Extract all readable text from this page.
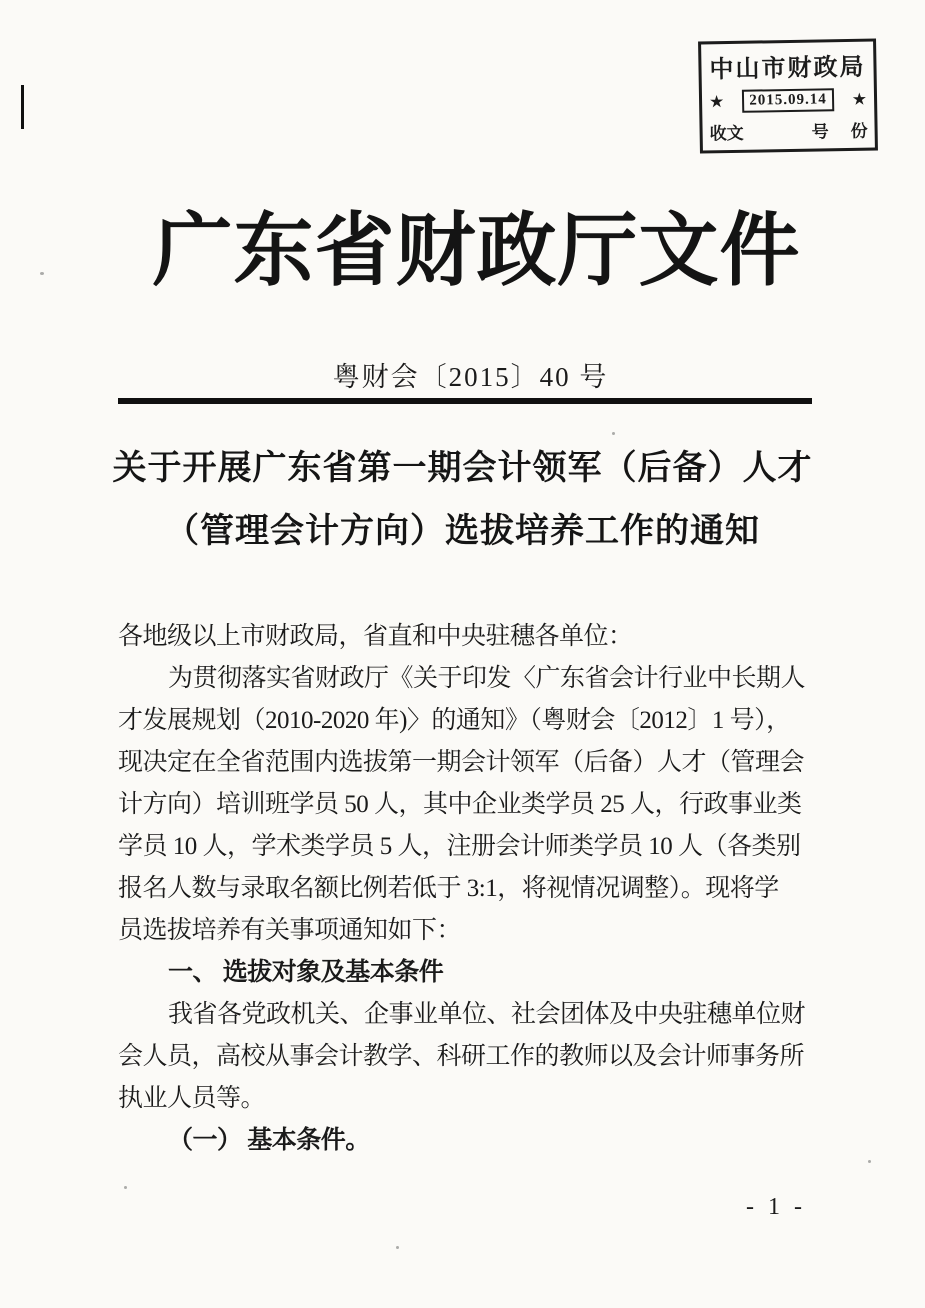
中山市财政局
★	2015.09.14	★
收文	号 份
广东省财政厅文件
粤财会〔2015〕40 号
关于开展广东省第一期会计领军（后备）人才
（管理会计方向）选拔培养工作的通知
各地级以上市财政局，省直和中央驻穗各单位：
为贯彻落实省财政厅《关于印发〈广东省会计行业中长期人
才发展规划（2010-2020 年)〉的通知》（粤财会〔2012〕1 号），
现决定在全省范围内选拔第一期会计领军（后备）人才（管理会
计方向）培训班学员 50 人，其中企业类学员 25 人，行政事业类
学员 10 人，学术类学员 5 人，注册会计师类学员 10 人（各类别
报名人数与录取名额比例若低于 3:1，将视情况调整）。现将学
员选拔培养有关事项通知如下：
一、 选拔对象及基本条件
我省各党政机关、企事业单位、社会团体及中央驻穗单位财
会人员，高校从事会计教学、科研工作的教师以及会计师事务所
执业人员等。
（一） 基本条件。
- 1 -
